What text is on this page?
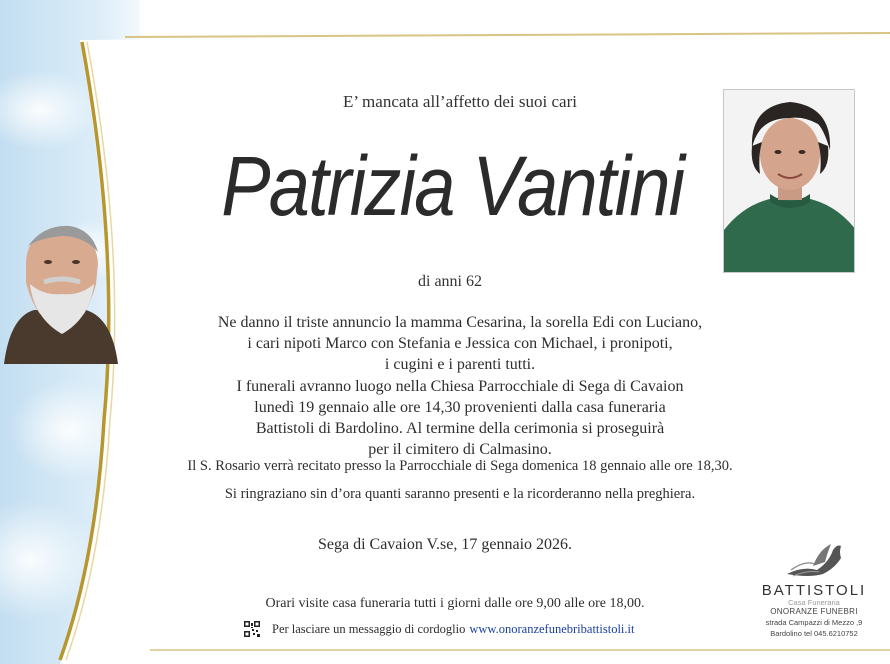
E’ mancata all’affetto dei suoi cari
Patrizia Vantini
di anni 62
Ne danno il triste annuncio la mamma Cesarina, la sorella Edi con Luciano,
i cari nipoti Marco con Stefania e Jessica con Michael, i pronipoti,
i cugini e i parenti tutti.
I funerali avranno luogo nella Chiesa Parrocchiale di Sega di Cavaion
lunedì 19 gennaio alle ore 14,30 provenienti dalla casa funeraria
Battistoli di Bardolino. Al termine della cerimonia si proseguirà
per il cimitero di Calmasino.
Il S. Rosario verrà recitato presso la Parrocchiale di Sega domenica 18 gennaio alle ore 18,30.
Si ringraziano sin d’ora quanti saranno presenti e la ricorderanno nella preghiera.
Sega di Cavaion V.se, 17 gennaio 2026.
Orari visite casa funeraria tutti i giorni dalle ore 9,00 alle ore 18,00.
Per lasciare un messaggio di cordoglio www.onoranzefunebribattistoli.it
BATTISTOLI
Casa Funeraria
ONORANZE FUNEBRI
strada Campazzi di Mezzo ,9
Bardolino tel 045.6210752
